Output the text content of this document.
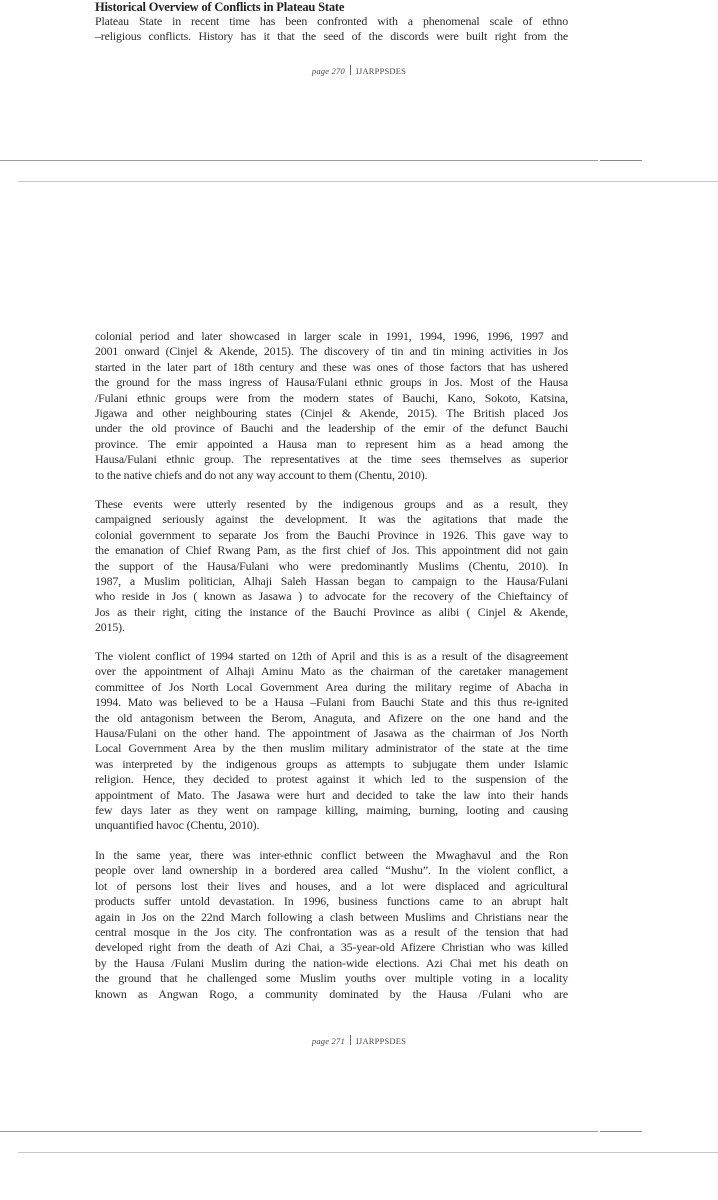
Historical Overview of Conflicts in Plateau State
Plateau State in recent time has been confronted with a phenomenal scale of ethno
–religious conflicts. History has it that the seed of the discords were built right from the
page 270 IJARPPSDES
colonial period and later showcased in larger scale in 1991, 1994, 1996, 1996, 1997 and
2001 onward (Cinjel & Akende, 2015). The discovery of tin and tin mining activities in Jos
started in the later part of 18th century and these was ones of those factors that has ushered
the ground for the mass ingress of Hausa/Fulani ethnic groups in Jos. Most of the Hausa
/Fulani ethnic groups were from the modern states of Bauchi, Kano, Sokoto, Katsina,
Jigawa and other neighbouring states (Cinjel & Akende, 2015). The British placed Jos
under the old province of Bauchi and the leadership of the emir of the defunct Bauchi
province. The emir appointed a Hausa man to represent him as a head among the
Hausa/Fulani ethnic group. The representatives at the time sees themselves as superior
to the native chiefs and do not any way account to them (Chentu, 2010).
These events were utterly resented by the indigenous groups and as a result, they
campaigned seriously against the development. It was the agitations that made the
colonial government to separate Jos from the Bauchi Province in 1926. This gave way to
the emanation of Chief Rwang Pam, as the first chief of Jos. This appointment did not gain
the support of the Hausa/Fulani who were predominantly Muslims (Chentu, 2010). In
1987, a Muslim politician, Alhaji Saleh Hassan began to campaign to the Hausa/Fulani
who reside in Jos ( known as Jasawa ) to advocate for the recovery of the Chieftaincy of
Jos as their right, citing the instance of the Bauchi Province as alibi ( Cinjel & Akende,
2015).
The violent conflict of 1994 started on 12th of April and this is as a result of the disagreement
over the appointment of Alhaji Aminu Mato as the chairman of the caretaker management
committee of Jos North Local Government Area during the military regime of Abacha in
1994. Mato was believed to be a Hausa –Fulani from Bauchi State and this thus re-ignited
the old antagonism between the Berom, Anaguta, and Afizere on the one hand and the
Hausa/Fulani on the other hand. The appointment of Jasawa as the chairman of Jos North
Local Government Area by the then muslim military administrator of the state at the time
was interpreted by the indigenous groups as attempts to subjugate them under Islamic
religion. Hence, they decided to protest against it which led to the suspension of the
appointment of Mato. The Jasawa were hurt and decided to take the law into their hands
few days later as they went on rampage killing, maiming, burning, looting and causing
unquantified havoc (Chentu, 2010).
In the same year, there was inter-ethnic conflict between the Mwaghavul and the Ron
people over land ownership in a bordered area called “Mushu”. In the violent conflict, a
lot of persons lost their lives and houses, and a lot were displaced and agricultural
products suffer untold devastation. In 1996, business functions came to an abrupt halt
again in Jos on the 22nd March following a clash between Muslims and Christians near the
central mosque in the Jos city. The confrontation was as a result of the tension that had
developed right from the death of Azi Chai, a 35-year-old Afizere Christian who was killed
by the Hausa /Fulani Muslim during the nation-wide elections. Azi Chai met his death on
the ground that he challenged some Muslim youths over multiple voting in a locality
known as Angwan Rogo, a community dominated by the Hausa /Fulani who are
page 271 IJARPPSDES
